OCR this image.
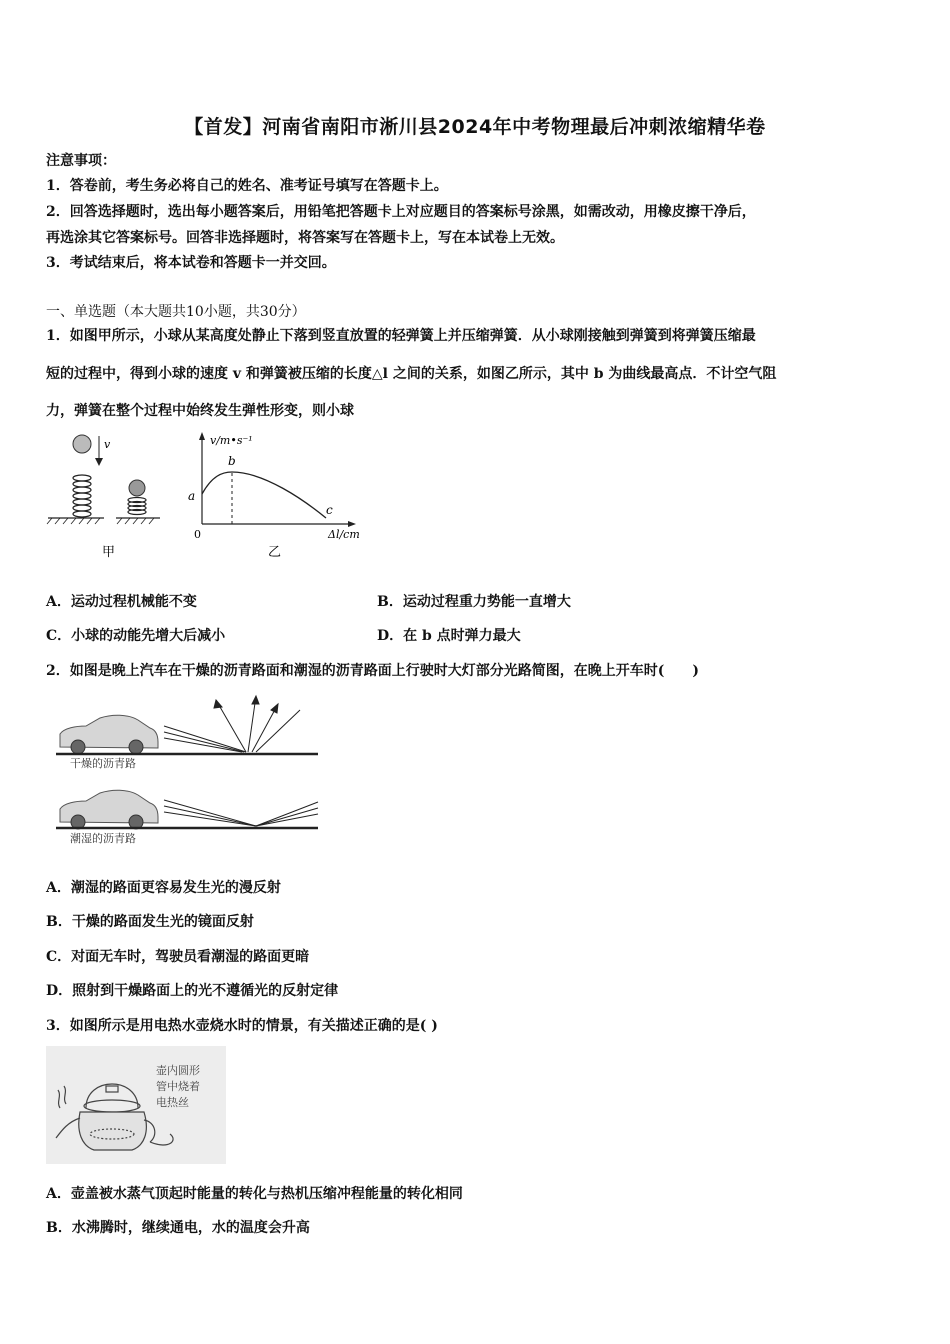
【首发】河南省南阳市淅川县2024年中考物理最后冲刺浓缩精华卷
注意事项：
1．答卷前，考生务必将自己的姓名、准考证号填写在答题卡上。
2．回答选择题时，选出每小题答案后，用铅笔把答题卡上对应题目的答案标号涂黑，如需改动，用橡皮擦干净后，
再选涂其它答案标号。回答非选择题时，将答案写在答题卡上，写在本试卷上无效。
3．考试结束后，将本试卷和答题卡一并交回。
一、单选题（本大题共10小题，共30分）
1．如图甲所示，小球从某高度处静止下落到竖直放置的轻弹簧上并压缩弹簧．从小球刚接触到弹簧到将弹簧压缩最
短的过程中，得到小球的速度 v 和弹簧被压缩的长度△l 之间的关系，如图乙所示，其中 b 为曲线最高点．不计空气阻
力，弹簧在整个过程中始终发生弹性形变，则小球
v
甲
v/m•s⁻¹
Δl/cm
0
a
b
c
乙
A．运动过程机械能不变	B．运动过程重力势能一直增大
C．小球的动能先增大后减小	D．在 b 点时弹力最大
2．如图是晚上汽车在干燥的沥青路面和潮湿的沥青路面上行驶时大灯部分光路简图，在晚上开车时(　　)
干燥的沥青路
潮湿的沥青路
A．潮湿的路面更容易发生光的漫反射
B．干燥的路面发生光的镜面反射
C．对面无车时，驾驶员看潮湿的路面更暗
D．照射到干燥路面上的光不遵循光的反射定律
3．如图所示是用电热水壶烧水时的情景，有关描述正确的是( )
壶内圆形
管中烧着
电热丝
A．壶盖被水蒸气顶起时能量的转化与热机压缩冲程能量的转化相同
B．水沸腾时，继续通电，水的温度会升高
